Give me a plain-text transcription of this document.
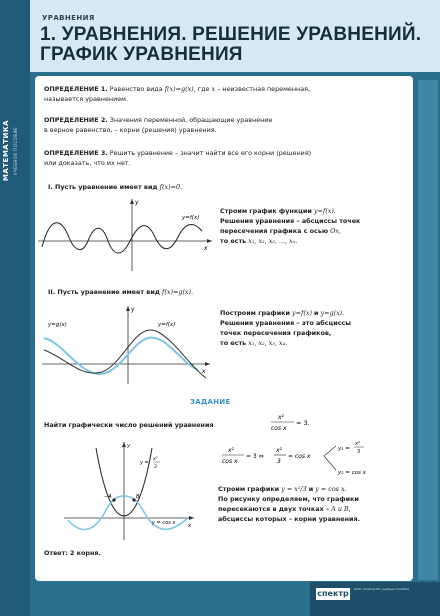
МАТЕМАТИКА УЧЕБНОЕ ПОСОБИЕ
УРАВНЕНИЯ
1. УРАВНЕНИЯ. РЕШЕНИЕ УРАВНЕНИЙ. ГРАФИК УРАВНЕНИЯ
ОПРЕДЕЛЕНИЕ 1. Равенство вида f(x)=g(x), где x – неизвестная переменная,
называется уравнением.
ОПРЕДЕЛЕНИЕ 2. Значения переменной, обращающие уравнение
в верное равенство, – корни (решения) уравнения.
ОПРЕДЕЛЕНИЕ 3. Решить уравнение – значит найти все его корни (решения)
или доказать, что их нет.
I. Пусть уравнение имеет вид f(x)=0.
y
x
y=f(x)
Строим график функции y=f(x).
Решения уравнения – абсциссы точек
пересечения графика с осью Ox,
то есть x₁, x₂, x₃, ..., xₙ.
II. Пусть уравнение имеет вид f(x)=g(x).
y=g(x)	y=f(x)
y
x
Построим графики y=f(x) и y=g(x).
Решения уравнения – это абсциссы
точек пересечения графиков,
то есть x₁, x₂, x₃, x₄.
ЗАДАНИЕ
Найти графически число решений уравнения
x²
cos x
= 3.
−A	B
y =
x²
3
y = cos x
y
x
x²
cos x
= 3 ⇔
x²
3
= cos x
y₁ =
x²
3
y₂ = cos x
Строим графики y = x²/3 и y = cos x.
По рисунку определяем, что графики
пересекаются в двух точках – A и B,
абсциссы которых – корни уравнения.
Ответ: 2 корня.
спектр	ООО «Спектр-М» учебные пособия
